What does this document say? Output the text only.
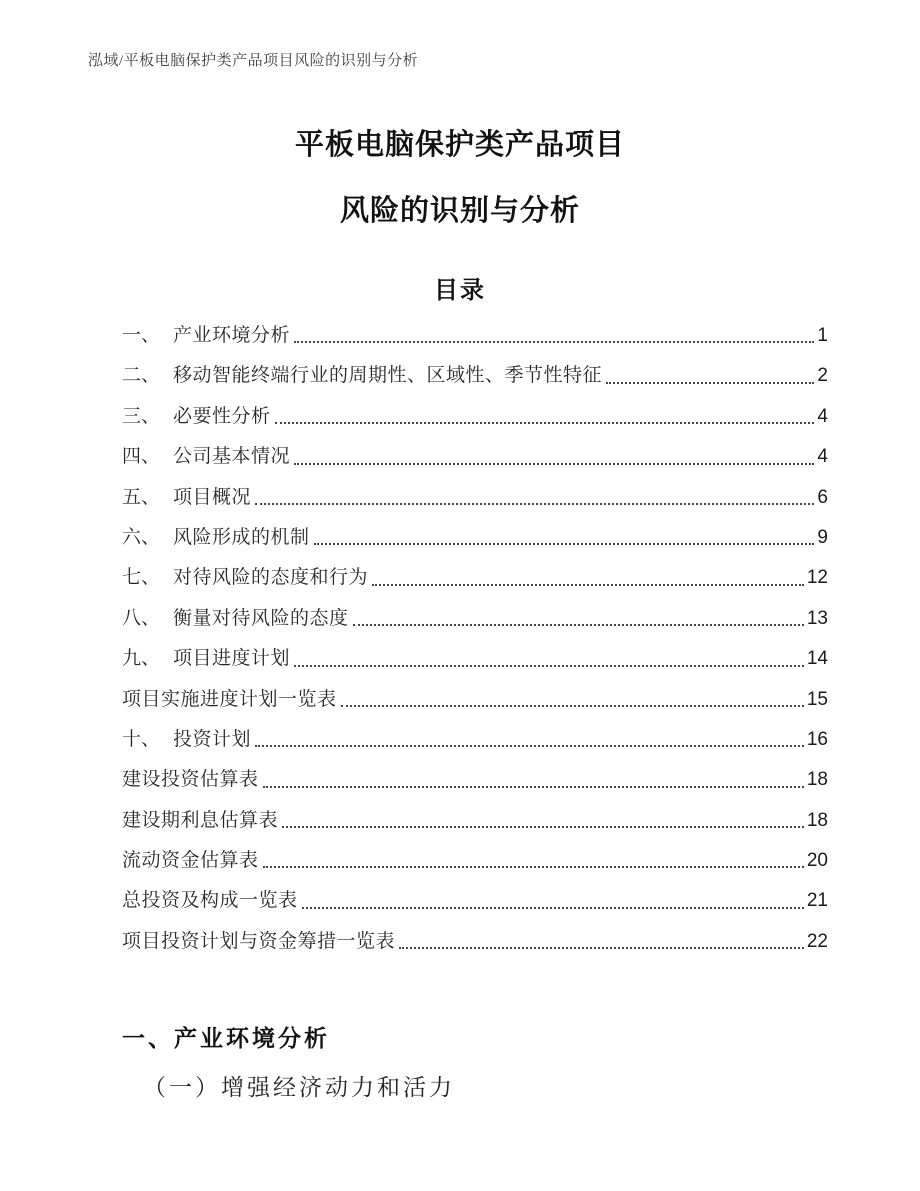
泓域/平板电脑保护类产品项目风险的识别与分析
平板电脑保护类产品项目
风险的识别与分析
目录
一、 产业环境分析	1
二、 移动智能终端行业的周期性、区域性、季节性特征	2
三、 必要性分析	4
四、 公司基本情况	4
五、 项目概况	6
六、 风险形成的机制	9
七、 对待风险的态度和行为	12
八、 衡量对待风险的态度	13
九、 项目进度计划	14
项目实施进度计划一览表	15
十、 投资计划	16
建设投资估算表	18
建设期利息估算表	18
流动资金估算表	20
总投资及构成一览表	21
项目投资计划与资金筹措一览表	22
一、产业环境分析
（一）增强经济动力和活力
